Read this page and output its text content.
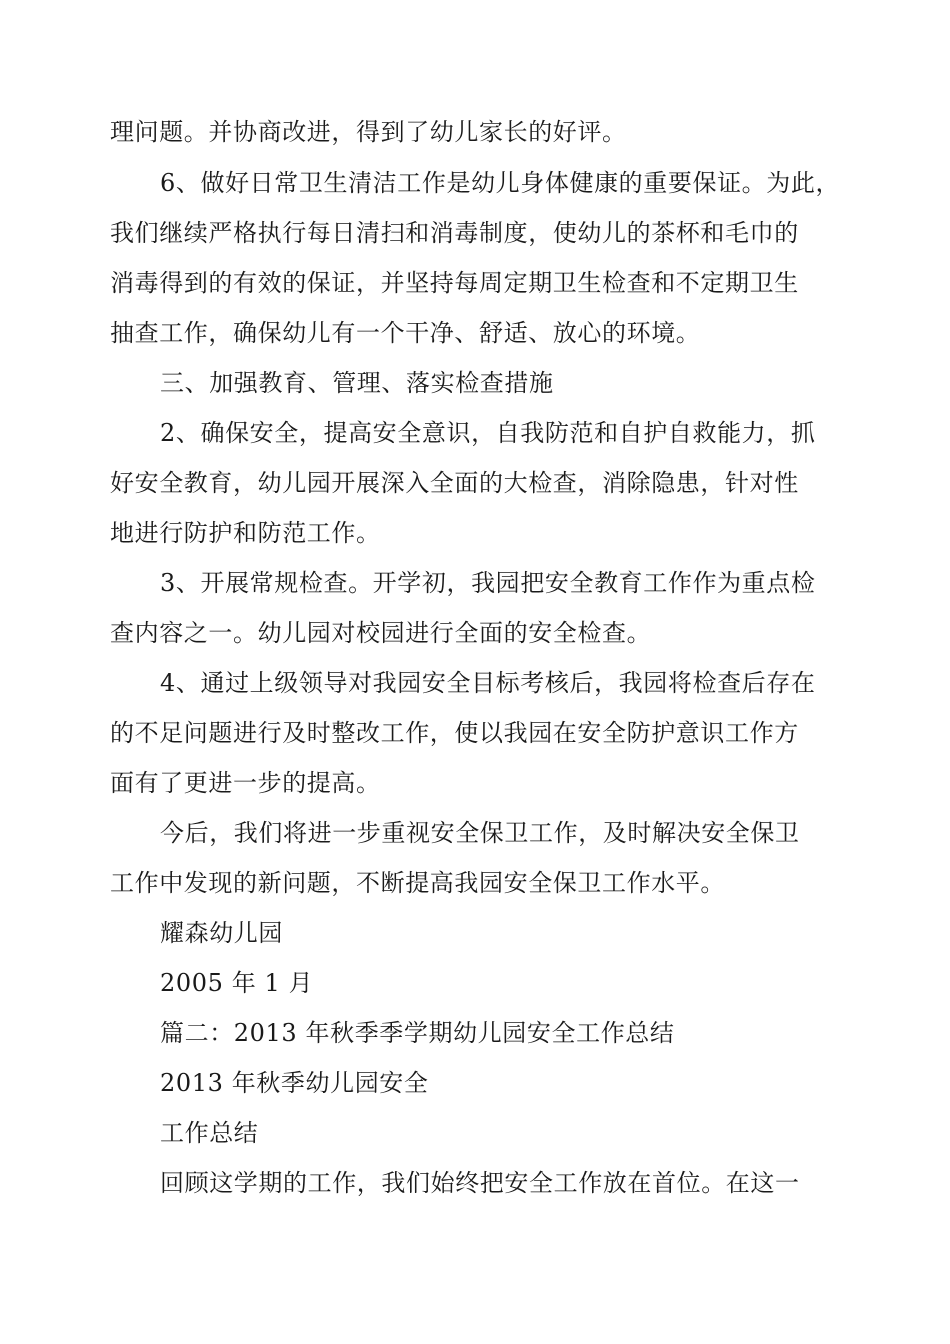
理问题。并协商改进，得到了幼儿家长的好评。
6、做好日常卫生清洁工作是幼儿身体健康的重要保证。为此，
我们继续严格执行每日清扫和消毒制度，使幼儿的茶杯和毛巾的
消毒得到的有效的保证，并坚持每周定期卫生检查和不定期卫生
抽查工作，确保幼儿有一个干净、舒适、放心的环境。
三、加强教育、管理、落实检查措施
2、确保安全，提高安全意识，自我防范和自护自救能力，抓
好安全教育，幼儿园开展深入全面的大检查，消除隐患，针对性
地进行防护和防范工作。
3、开展常规检查。开学初，我园把安全教育工作作为重点检
查内容之一。幼儿园对校园进行全面的安全检查。
4、通过上级领导对我园安全目标考核后，我园将检查后存在
的不足问题进行及时整改工作，使以我园在安全防护意识工作方
面有了更进一步的提高。
今后，我们将进一步重视安全保卫工作，及时解决安全保卫
工作中发现的新问题，不断提高我园安全保卫工作水平。
耀森幼儿园
2005 年 1 月
篇二：2013 年秋季季学期幼儿园安全工作总结
2013 年秋季幼儿园安全
工作总结
回顾这学期的工作，我们始终把安全工作放在首位。在这一
